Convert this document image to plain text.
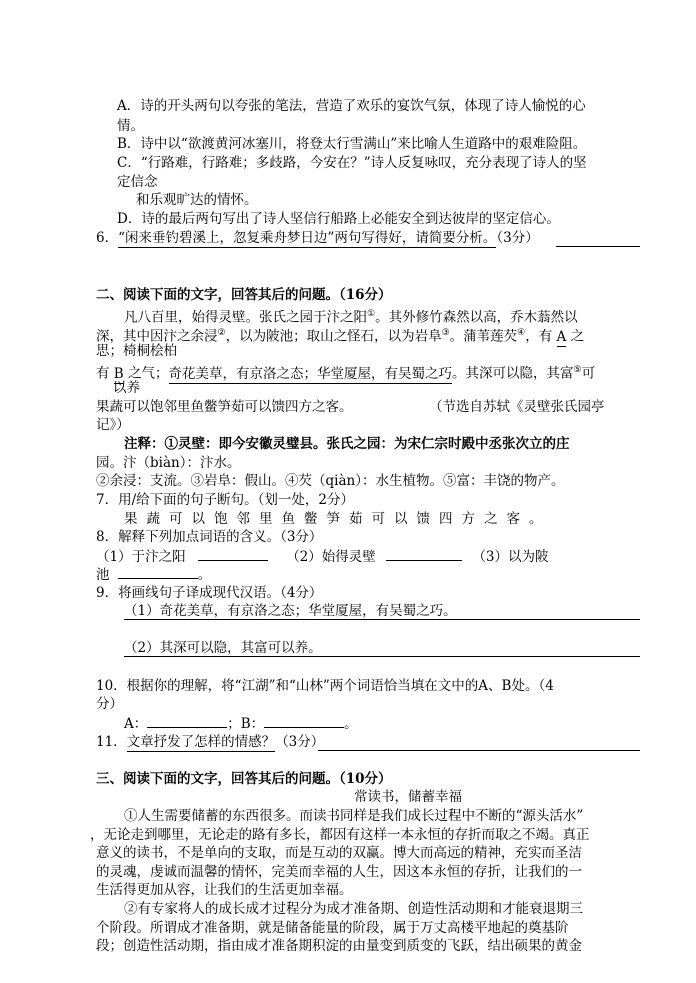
A．诗的开头两句以夸张的笔法，营造了欢乐的宴饮气氛，体现了诗人愉悦的心
情。
B．诗中以“欲渡黄河冰塞川，将登太行雪满山”来比喻人生道路中的艰难险阻。
C．“行路难，行路难；多歧路，今安在？”诗人反复咏叹，充分表现了诗人的坚
定信念
和乐观旷达的情怀。
D．诗的最后两句写出了诗人坚信行船路上必能安全到达彼岸的坚定信心。
6．“闲来垂钓碧溪上，忽复乘舟梦日边”两句写得好，请简要分析。（3分）
二、阅读下面的文字，回答其后的问题。（16分）
凡八百里，始得灵壁。张氏之园于汴之阳①。其外修竹森然以高，乔木蓊然以
深，其中因汴之余浸②，以为陂池；取山之怪石，以为岩阜③。蒲苇莲芡④，有 A 之
思；椅桐桧柏
有 B 之气；奇花美草，有京洛之态；华堂厦屋，有吴蜀之巧。其深可以隐，其富⑤可
以养
果蔬可以饱邻里鱼鳖笋茹可以馈四方之客。	（节选自苏轼《灵壁张氏园亭
记》）
注释：①灵壁：即今安徽灵璧县。张氏之园：为宋仁宗时殿中丞张次立的庄
园。汴（biàn）：汴水。
②余浸：支流。③岩阜：假山。④芡（qiàn）：水生植物。⑤富：丰饶的物产。
7．用/给下面的句子断句。（划一处，2分）
果蔬可以饱邻里鱼鳖笋茹可以馈四方之客。
8．解释下列加点词语的含义。（3分）
（1）于汴之阳	（2）始得灵壁	（3）以为陂
池	。
9．将画线句子译成现代汉语。（4分）
（1）奇花美草，有京洛之态；华堂厦屋，有吴蜀之巧。
（2）其深可以隐，其富可以养。
10．根据你的理解，将“江湖”和“山林”两个词语恰当填在文中的A、B处。（4
分）
A：	；B：	。
11．文章抒发了怎样的情感？（3分）
三、阅读下面的文字，回答其后的问题。（10分）
常读书，储蓄幸福
①人生需要储蓄的东西很多。而读书同样是我们成长过程中不断的“源头活水”
，无论走到哪里，无论走的路有多长，都因有这样一本永恒的存折而取之不竭。真正
意义的读书，不是单向的支取，而是互动的双赢。博大而高远的精神，充实而圣洁
的灵魂，虔诚而温馨的情怀，完美而幸福的人生，因这本永恒的存折，让我们的一
生活得更加从容，让我们的生活更加幸福。
②有专家将人的成长成才过程分为成才准备期、创造性活动期和才能衰退期三
个阶段。所谓成才准备期，就是储备能量的阶段，属于万丈高楼平地起的奠基阶
段；创造性活动期，指由成才准备期积淀的由量变到质变的飞跃，结出硕果的黄金
